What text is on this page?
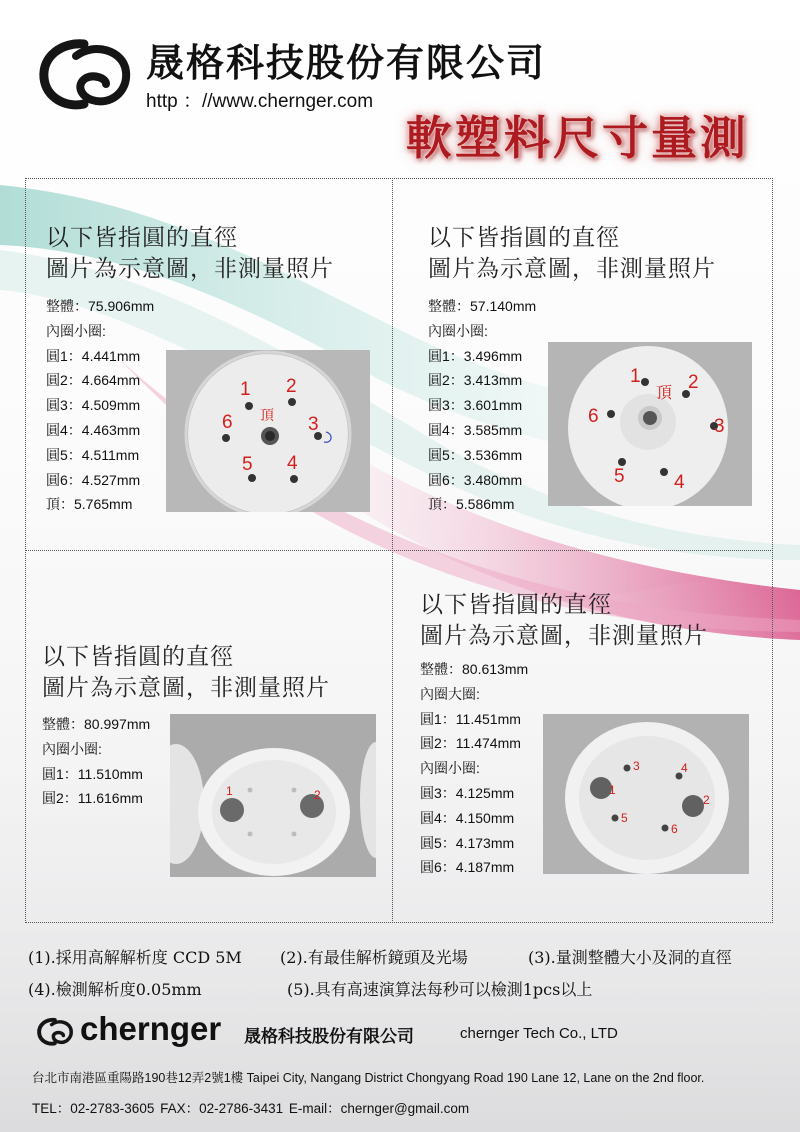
晟格科技股份有限公司
http ：//www.chernger.com
軟塑料尺寸量測
以下皆指圓的直徑
圖片為示意圖，非測量照片
整體：75.906mm
內圈小圈:
圓1：4.441mm
圓2：4.664mm
圓3：4.509mm
圓4：4.463mm
圓5：4.511mm
圓6：4.527mm
頂：5.765mm
1 2
3
4
5
6 頂
以下皆指圓的直徑
圖片為示意圖，非測量照片
整體：57.140mm
內圈小圈:
圓1：3.496mm
圓2：3.413mm
圓3：3.601mm
圓4：3.585mm
圓5：3.536mm
圓6：3.480mm
頂：5.586mm
1 2
3
4
5
6
頂
以下皆指圓的直徑
圖片為示意圖，非測量照片
整體：80.997mm
內圈小圈:
圓1：11.510mm
圓2：11.616mm	1	2
以下皆指圓的直徑
圖片為示意圖，非測量照片
整體：80.613mm
內圈大圈:
圓1：11.451mm
圓2：11.474mm
內圈小圈:
圓3：4.125mm
圓4：4.150mm
圓5：4.173mm
圓6：4.187mm
1
2
3	4
5
6
(1).採用高解解析度 CCD 5M (2).有最佳解析鏡頭及光場	(3).量測整體大小及洞的直徑
(4).檢測解析度0.05mm	(5).具有高速演算法每秒可以檢測1pcs以上
chernger 晟格科技股份有限公司	chernger Tech Co., LTD
台北市南港區重陽路190巷12弄2號1樓 Taipei City, Nangang District Chongyang Road 190 Lane 12, Lane on the 2nd floor.
TEL：02-2783-3605 FAX：02-2786-3431 E-mail：chernger@gmail.com
